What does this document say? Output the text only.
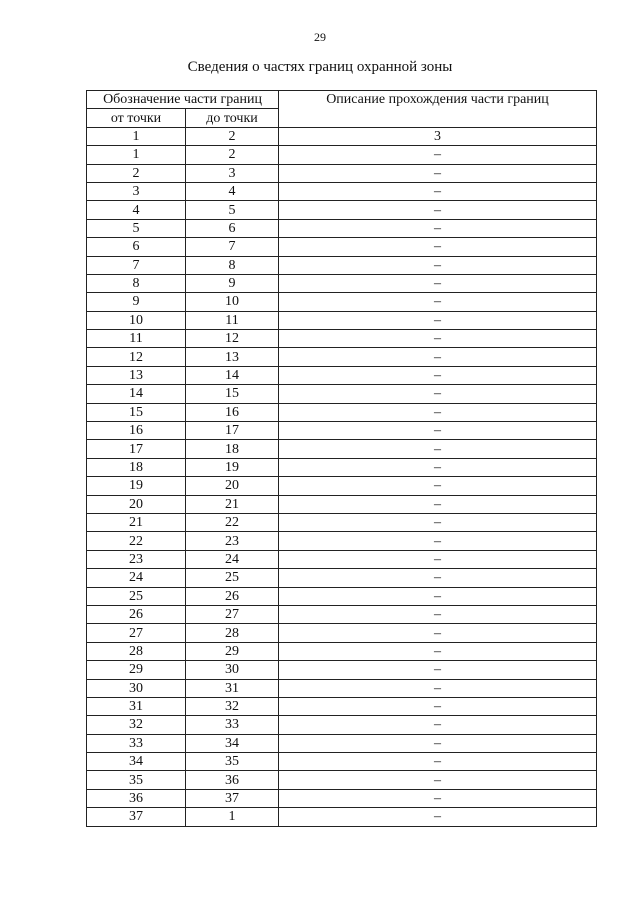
29
Сведения о частях границ охранной зоны
Обозначение части границ		Описание прохождения части границ
от точки	до точки	
1	2	3
1	2	–
2	3	–
3	4	–
4	5	–
5	6	–
6	7	–
7	8	–
8	9	–
9	10	–
10	11	–
11	12	–
12	13	–
13	14	–
14	15	–
15	16	–
16	17	–
17	18	–
18	19	–
19	20	–
20	21	–
21	22	–
22	23	–
23	24	–
24	25	–
25	26	–
26	27	–
27	28	–
28	29	–
29	30	–
30	31	–
31	32	–
32	33	–
33	34	–
34	35	–
35	36	–
36	37	–
37	1	–
